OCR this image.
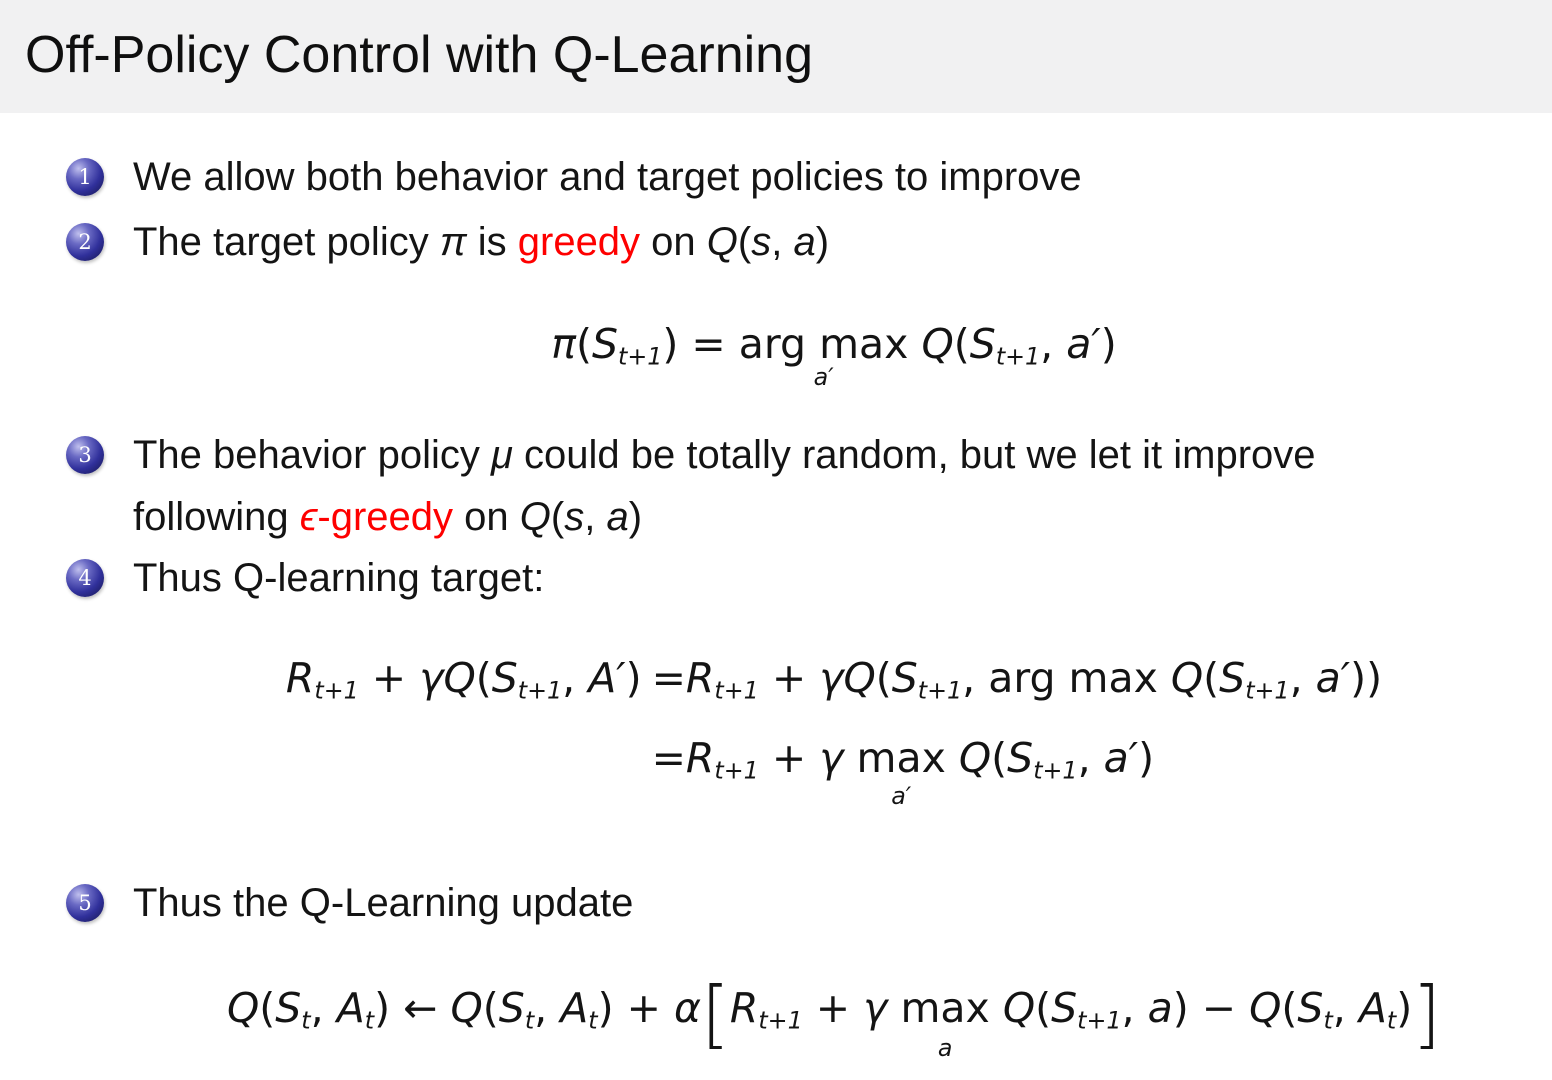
Off-Policy Control with Q-Learning
1	We allow both behavior and target policies to improve
2	The target policy π is greedy on Q(s, a)
$\pi(S_{t+1})$ = arg max
a′
$Q(S_{t+1}$, a′)
3	The behavior policy μ could be totally random, but we let it improve
following ϵ-greedy on Q(s, a)
4	Thus Q-learning target:
$R_{t+1} + \gamma Q(S_{t+1}$, $A') =R_{t+1} + \gamma Q(S_{t+1}$, arg $\max Q(S_{t+1}$, a′))
$=R_{t+1} + \gamma$ max
a′
$Q(S_{t+1}$, a′)
5	Thus the Q-Learning update
$Q(S_t$, $A_t$) ← $Q(S_t$, $A_t) + \alpha[R_{t+1} + \gamma$ max
a
$Q(S_{t+1}$, $a) - Q(S_t$, $A_t$)]
